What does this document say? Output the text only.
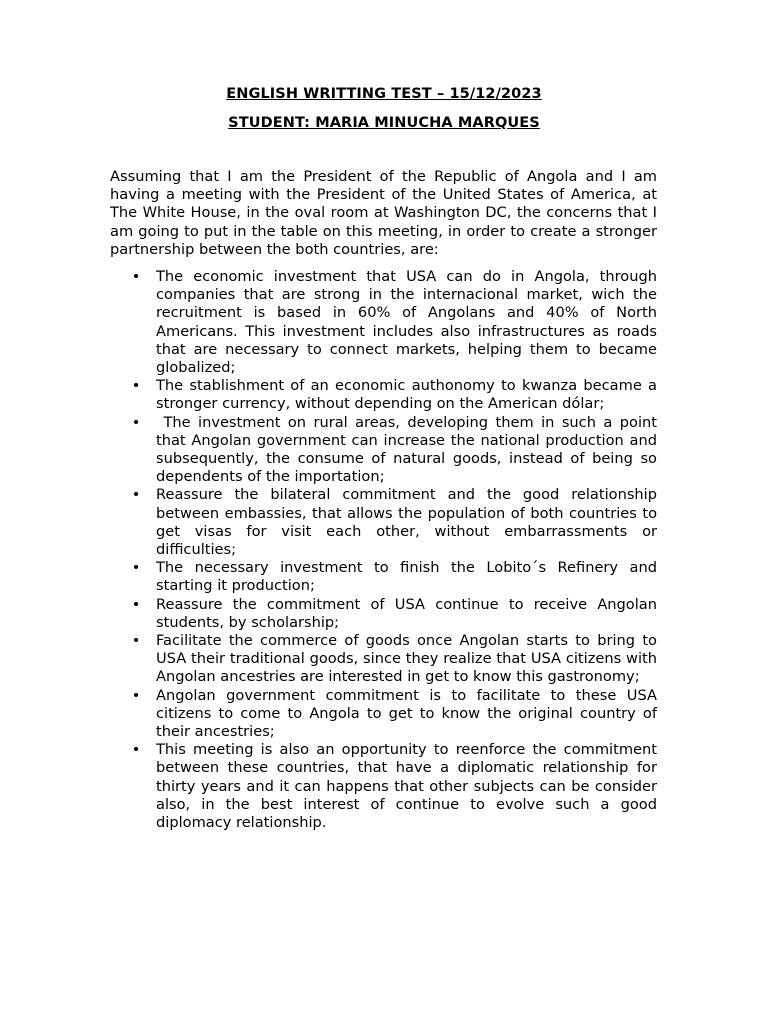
ENGLISH WRITTING TEST – 15/12/2023
STUDENT: MARIA MINUCHA MARQUES

Assuming that I am the President of the Republic of Angola and I am having a meeting with the President of the United States of America, at The White House, in the oval room at Washington DC, the concerns that I am going to put in the table on this meeting, in order to create a stronger partnership between the both countries, are:

• The economic investment that USA can do in Angola, through companies that are strong in the internacional market, wich the recruitment is based in 60% of Angolans and 40% of North Americans. This investment includes also infrastructures as roads that are necessary to connect markets, helping them to became globalized;
• The stablishment of an economic authonomy to kwanza became a stronger currency, without depending on the American dólar;
• The investment on rural areas, developing them in such a point that Angolan government can increase the national production and subsequently, the consume of natural goods, instead of being so dependents of the importation;
• Reassure the bilateral commitment and the good relationship between embassies, that allows the population of both countries to get visas for visit each other, without embarrassments or difficulties;
• The necessary investment to finish the Lobito´s Refinery and starting it production;
• Reassure the commitment of USA continue to receive Angolan students, by scholarship;
• Facilitate the commerce of goods once Angolan starts to bring to USA their traditional goods, since they realize that USA citizens with Angolan ancestries are interested in get to know this gastronomy;
• Angolan government commitment is to facilitate to these USA citizens to come to Angola to get to know the original country of their ancestries;
• This meeting is also an opportunity to reenforce the commitment between these countries, that have a diplomatic relationship for thirty years and it can happens that other subjects can be consider also, in the best interest of continue to evolve such a good diplomacy relationship.
